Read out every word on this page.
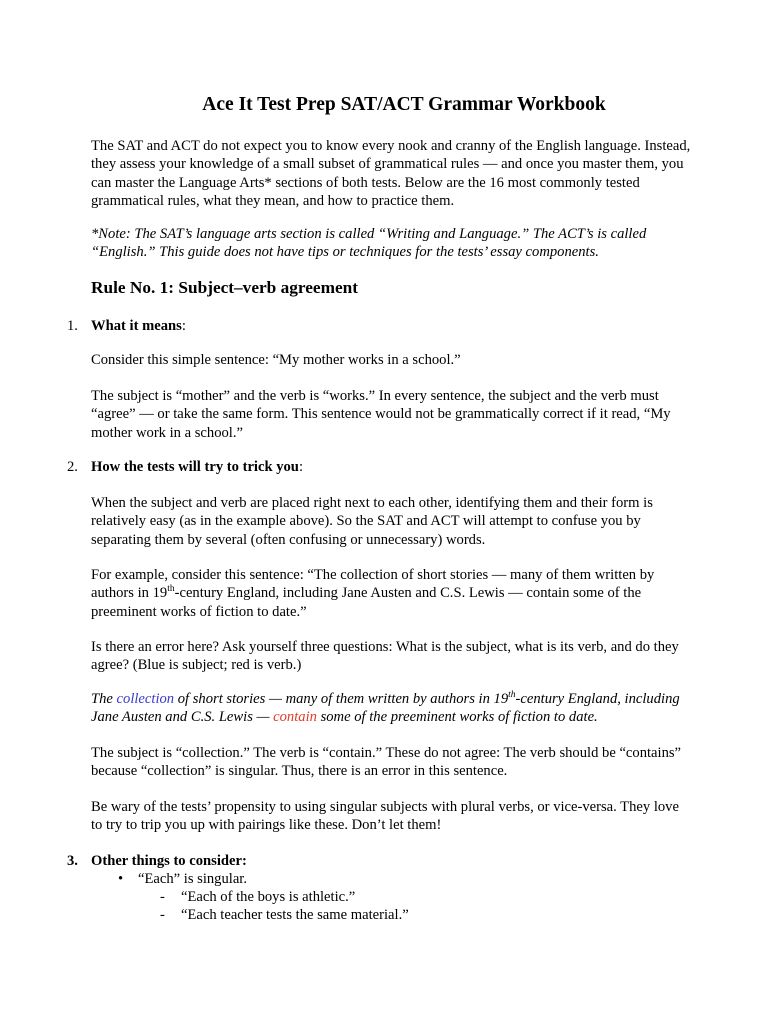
Ace It Test Prep SAT/ACT Grammar Workbook

The SAT and ACT do not expect you to know every nook and cranny of the English language. Instead, they assess your knowledge of a small subset of grammatical rules — and once you master them, you can master the Language Arts* sections of both tests. Below are the 16 most commonly tested grammatical rules, what they mean, and how to practice them.

*Note: The SAT’s language arts section is called “Writing and Language.” The ACT’s is called “English.” This guide does not have tips or techniques for the tests’ essay components.

Rule No. 1: Subject–verb agreement
1. What it means:

Consider this simple sentence: “My mother works in a school.”

The subject is “mother” and the verb is “works.” In every sentence, the subject and the verb must “agree” — or take the same form. This sentence would not be grammatically correct if it read, “My mother work in a school.”

2. How the tests will try to trick you:

When the subject and verb are placed right next to each other, identifying them and their form is relatively easy (as in the example above). So the SAT and ACT will attempt to confuse you by separating them by several (often confusing or unnecessary) words.

For example, consider this sentence: “The collection of short stories — many of them written by authors in 19th-century England, including Jane Austen and C.S. Lewis — contain some of the preeminent works of fiction to date.”

Is there an error here? Ask yourself three questions: What is the subject, what is its verb, and do they agree? (Blue is subject; red is verb.)

The collection of short stories — many of them written by authors in 19th-century England, including Jane Austen and C.S. Lewis — contain some of the preeminent works of fiction to date.

The subject is “collection.” The verb is “contain.” These do not agree: The verb should be “contains” because “collection” is singular. Thus, there is an error in this sentence.

Be wary of the tests’ propensity to using singular subjects with plural verbs, or vice-versa. They love to try to trip you up with pairings like these. Don’t let them!

3. Other things to consider:
• “Each” is singular.
- “Each of the boys is athletic.”
- “Each teacher tests the same material.”
